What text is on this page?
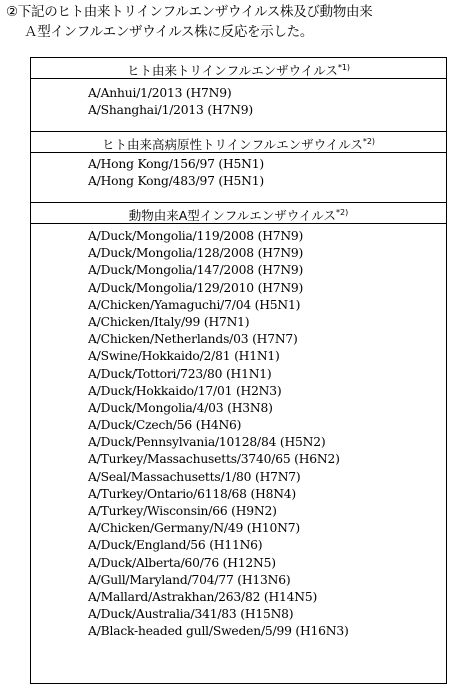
②下記のヒト由来トリインフルエンザウイルス株及び動物由来
Ａ型インフルエンザウイルス株に反応を示した。
ヒト由来トリインフルエンザウイルス$^{*1)}$
A/Anhui/1/2013 (H7N9)
A/Shanghai/1/2013 (H7N9)
ヒト由来高病原性トリインフルエンザウイルス$^{*2)}$
A/Hong Kong/156/97 (H5N1)
A/Hong Kong/483/97 (H5N1)
動物由来A型インフルエンザウイルス$^{*2)}$
A/Duck/Mongolia/119/2008 (H7N9)
A/Duck/Mongolia/128/2008 (H7N9)
A/Duck/Mongolia/147/2008 (H7N9)
A/Duck/Mongolia/129/2010 (H7N9)
A/Chicken/Yamaguchi/7/04 (H5N1)
A/Chicken/Italy/99 (H7N1)
A/Chicken/Netherlands/03 (H7N7)
A/Swine/Hokkaido/2/81 (H1N1)
A/Duck/Tottori/723/80 (H1N1)
A/Duck/Hokkaido/17/01 (H2N3)
A/Duck/Mongolia/4/03 (H3N8)
A/Duck/Czech/56 (H4N6)
A/Duck/Pennsylvania/10128/84 (H5N2)
A/Turkey/Massachusetts/3740/65 (H6N2)
A/Seal/Massachusetts/1/80 (H7N7)
A/Turkey/Ontario/6118/68 (H8N4)
A/Turkey/Wisconsin/66 (H9N2)
A/Chicken/Germany/N/49 (H10N7)
A/Duck/England/56 (H11N6)
A/Duck/Alberta/60/76 (H12N5)
A/Gull/Maryland/704/77 (H13N6)
A/Mallard/Astrakhan/263/82 (H14N5)
A/Duck/Australia/341/83 (H15N8)
A/Black-headed gull/Sweden/5/99 (H16N3)
